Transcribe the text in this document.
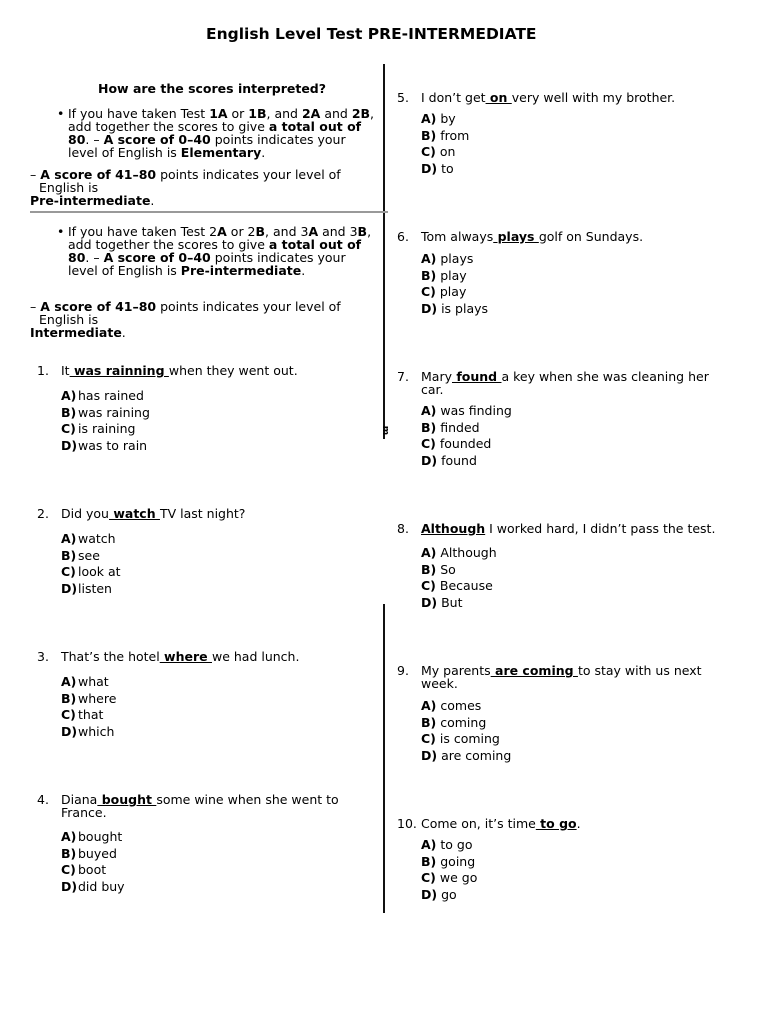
English Level Test PRE-INTERMEDIATE
m
How are the scores interpreted?
• If you have taken Test 1A or 1B, and 2A and 2B, add together the scores to give a total out of 80. – A score of 0–40 points indicates your level of English is Elementary.
– A score of 41–80 points indicates your level of
English is
Pre-intermediate.
• If you have taken Test 2A or 2B, and 3A and 3B, add together the scores to give a total out of 80. – A score of 0–40 points indicates your level of English is Pre-intermediate.
– A score of 41–80 points indicates your level of
English is
Intermediate.
1. It was rainning when they went out.
A) has rained
B) was raining
C) is raining
D)was to rain
2. Did you watch TV last night?
A) watch
B) see
C) look at
D)listen
3. That’s the hotel where we had lunch.
A) what
B) where
C) that
D)which
4. Diana bought some wine when she went to France.
A) bought
B) buyed
C) boot
D)did buy
5. I don’t get on very well with my brother.
A) by
B) from
C) on
D) to
6. Tom always plays golf on Sundays.
A) plays
B) play
C) play
D) is plays
7. Mary found a key when she was cleaning her car.
A) was finding
B) finded
C) founded
D) found
8. Although I worked hard, I didn’t pass the test.
A) Although
B) So
C) Because
D) But
9. My parents are coming to stay with us next week.
A) comes
B) coming
C) is coming
D) are coming
10. Come on, it’s time to go.
A) to go
B) going
C) we go
D) go
